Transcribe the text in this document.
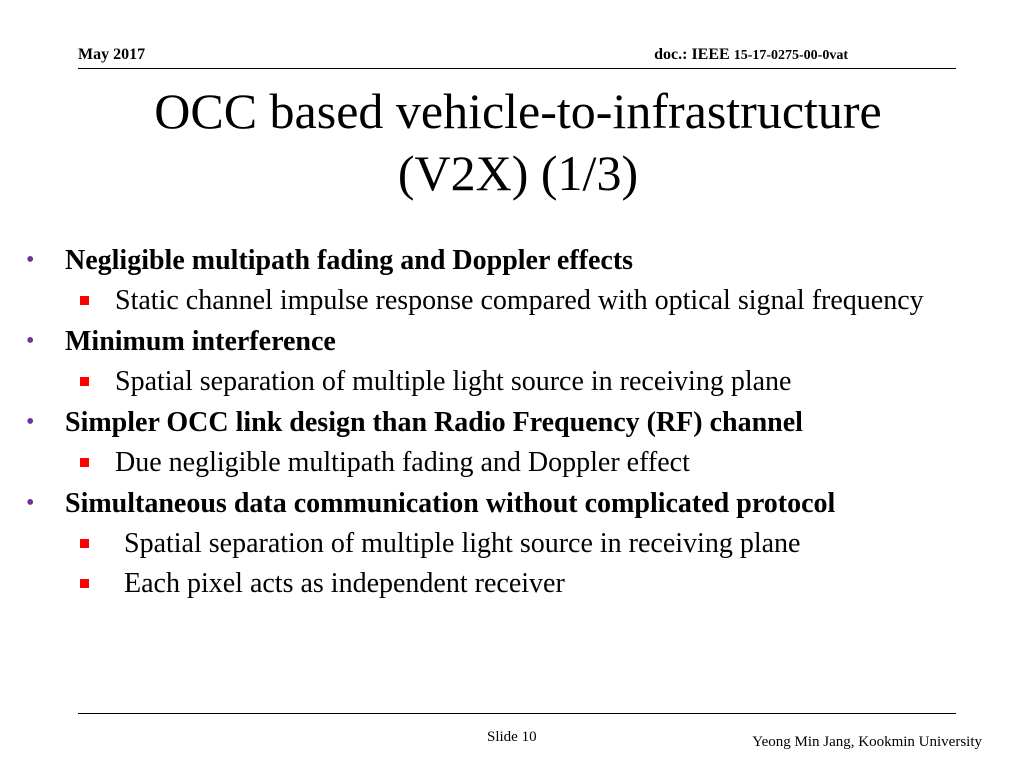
May 2017	doc.: IEEE 15-17-0275-00-0vat
OCC based vehicle-to-infrastructure
(V2X) (1/3)
• Negligible multipath fading and Doppler effects
Static channel impulse response compared with optical signal frequency
• Minimum interference
Spatial separation of multiple light source in receiving plane
• Simpler OCC link design than Radio Frequency (RF) channel
Due negligible multipath fading and Doppler effect
• Simultaneous data communication without complicated protocol
Spatial separation of multiple light source in receiving plane
Each pixel acts as independent receiver
Slide 10	Yeong Min Jang, Kookmin University
